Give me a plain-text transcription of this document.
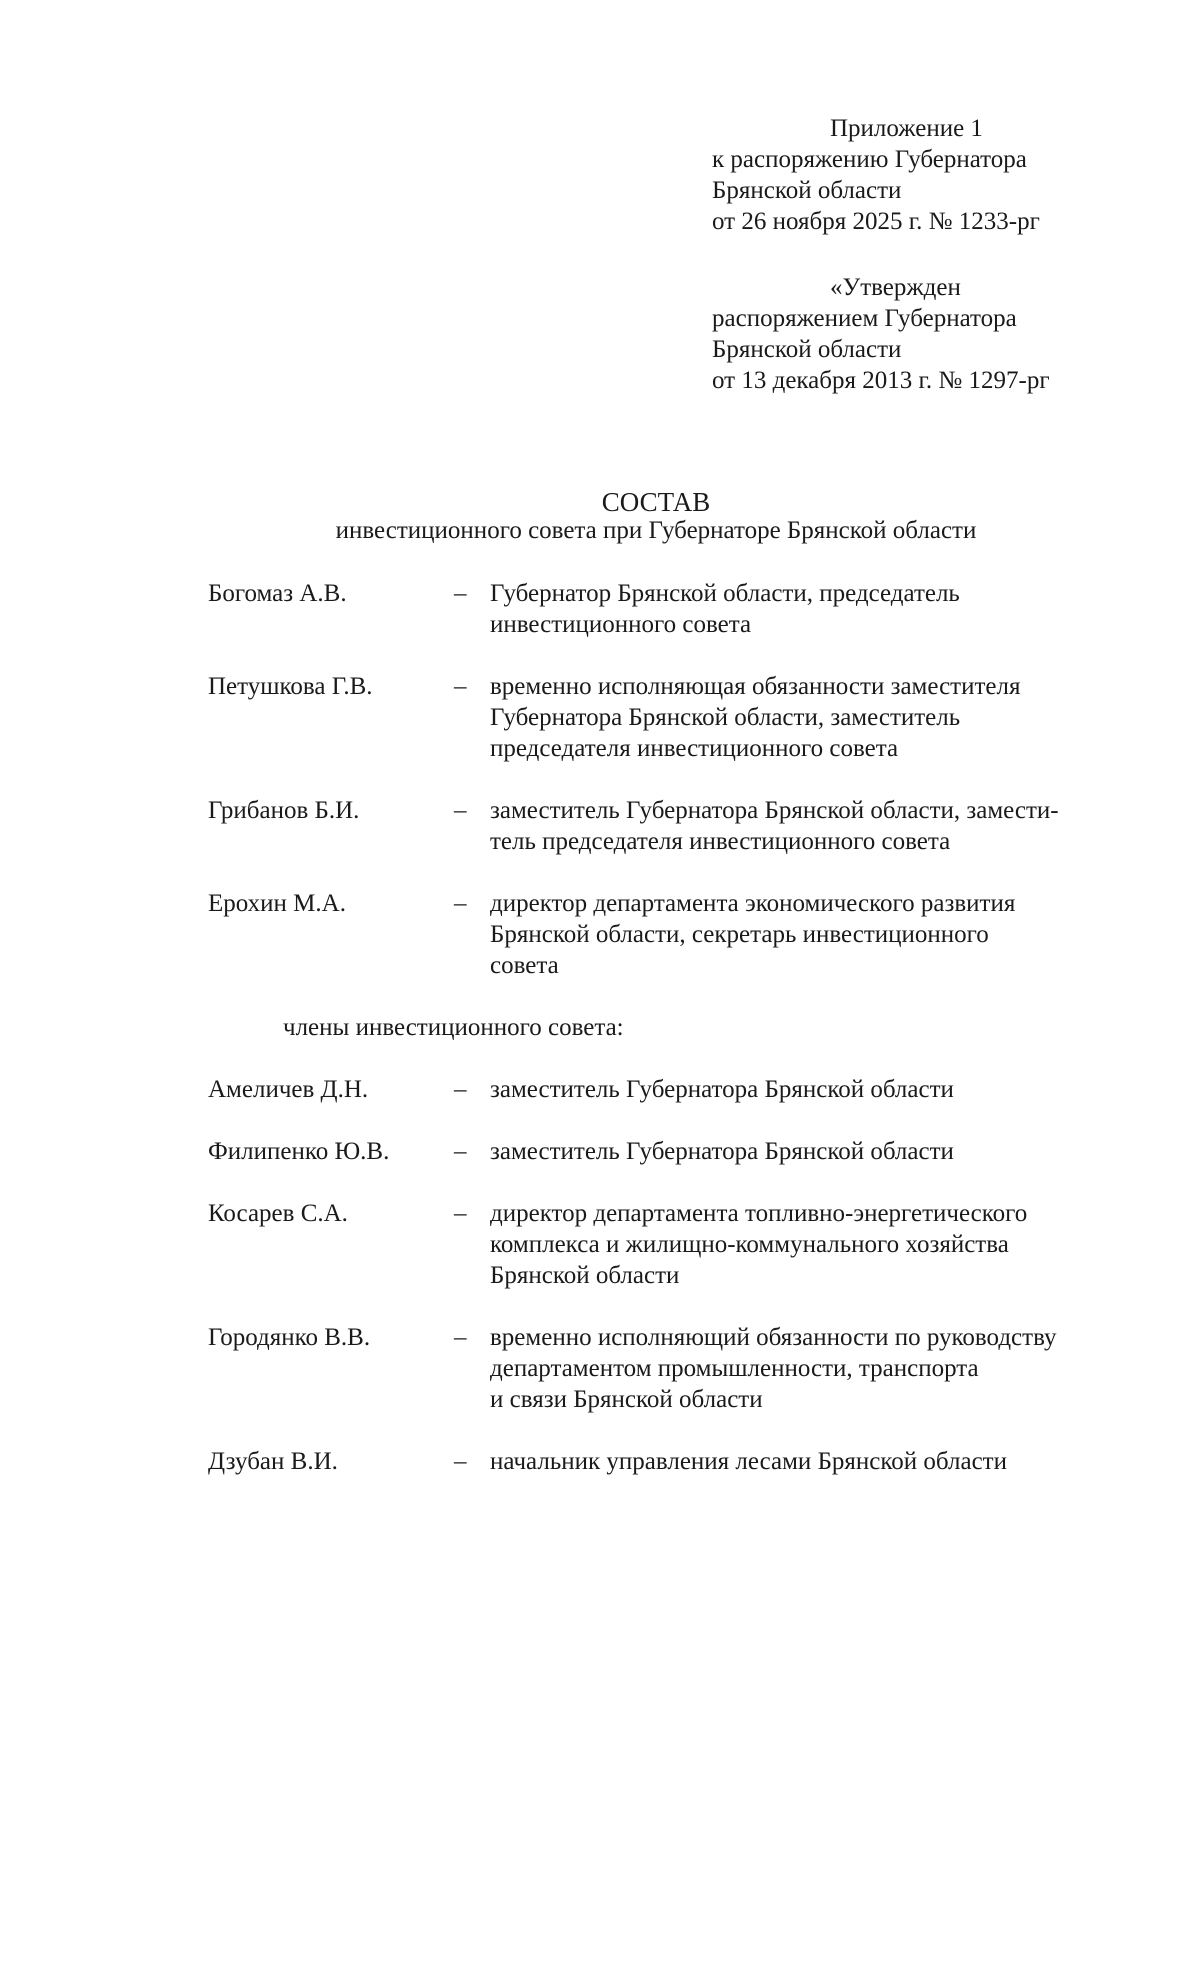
Приложение 1
к распоряжению Губернатора
Брянской области
от 26 ноября 2025 г. № 1233-рг
«Утвержден
распоряжением Губернатора
Брянской области
от 13 декабря 2013 г. № 1297-рг
СОСТАВ
инвестиционного совета при Губернаторе Брянской области
Богомаз А.В.	– Губернатор Брянской области, председатель
инвестиционного совета
Петушкова Г.В.	– временно исполняющая обязанности заместителя
Губернатора Брянской области, заместитель
председателя инвестиционного совета
Грибанов Б.И.	– заместитель Губернатора Брянской области, замести-
тель председателя инвестиционного совета
Ерохин М.А.	– директор департамента экономического развития
Брянской области, секретарь инвестиционного
совета
члены инвестиционного совета:
Амеличев Д.Н.	– заместитель Губернатора Брянской области
Филипенко Ю.В.	– заместитель Губернатора Брянской области
Косарев С.А.	– директор департамента топливно-энергетического
комплекса и жилищно-коммунального хозяйства
Брянской области
Городянко В.В.	– временно исполняющий обязанности по руководству
департаментом промышленности, транспорта
и связи Брянской области
Дзубан В.И.	– начальник управления лесами Брянской области
